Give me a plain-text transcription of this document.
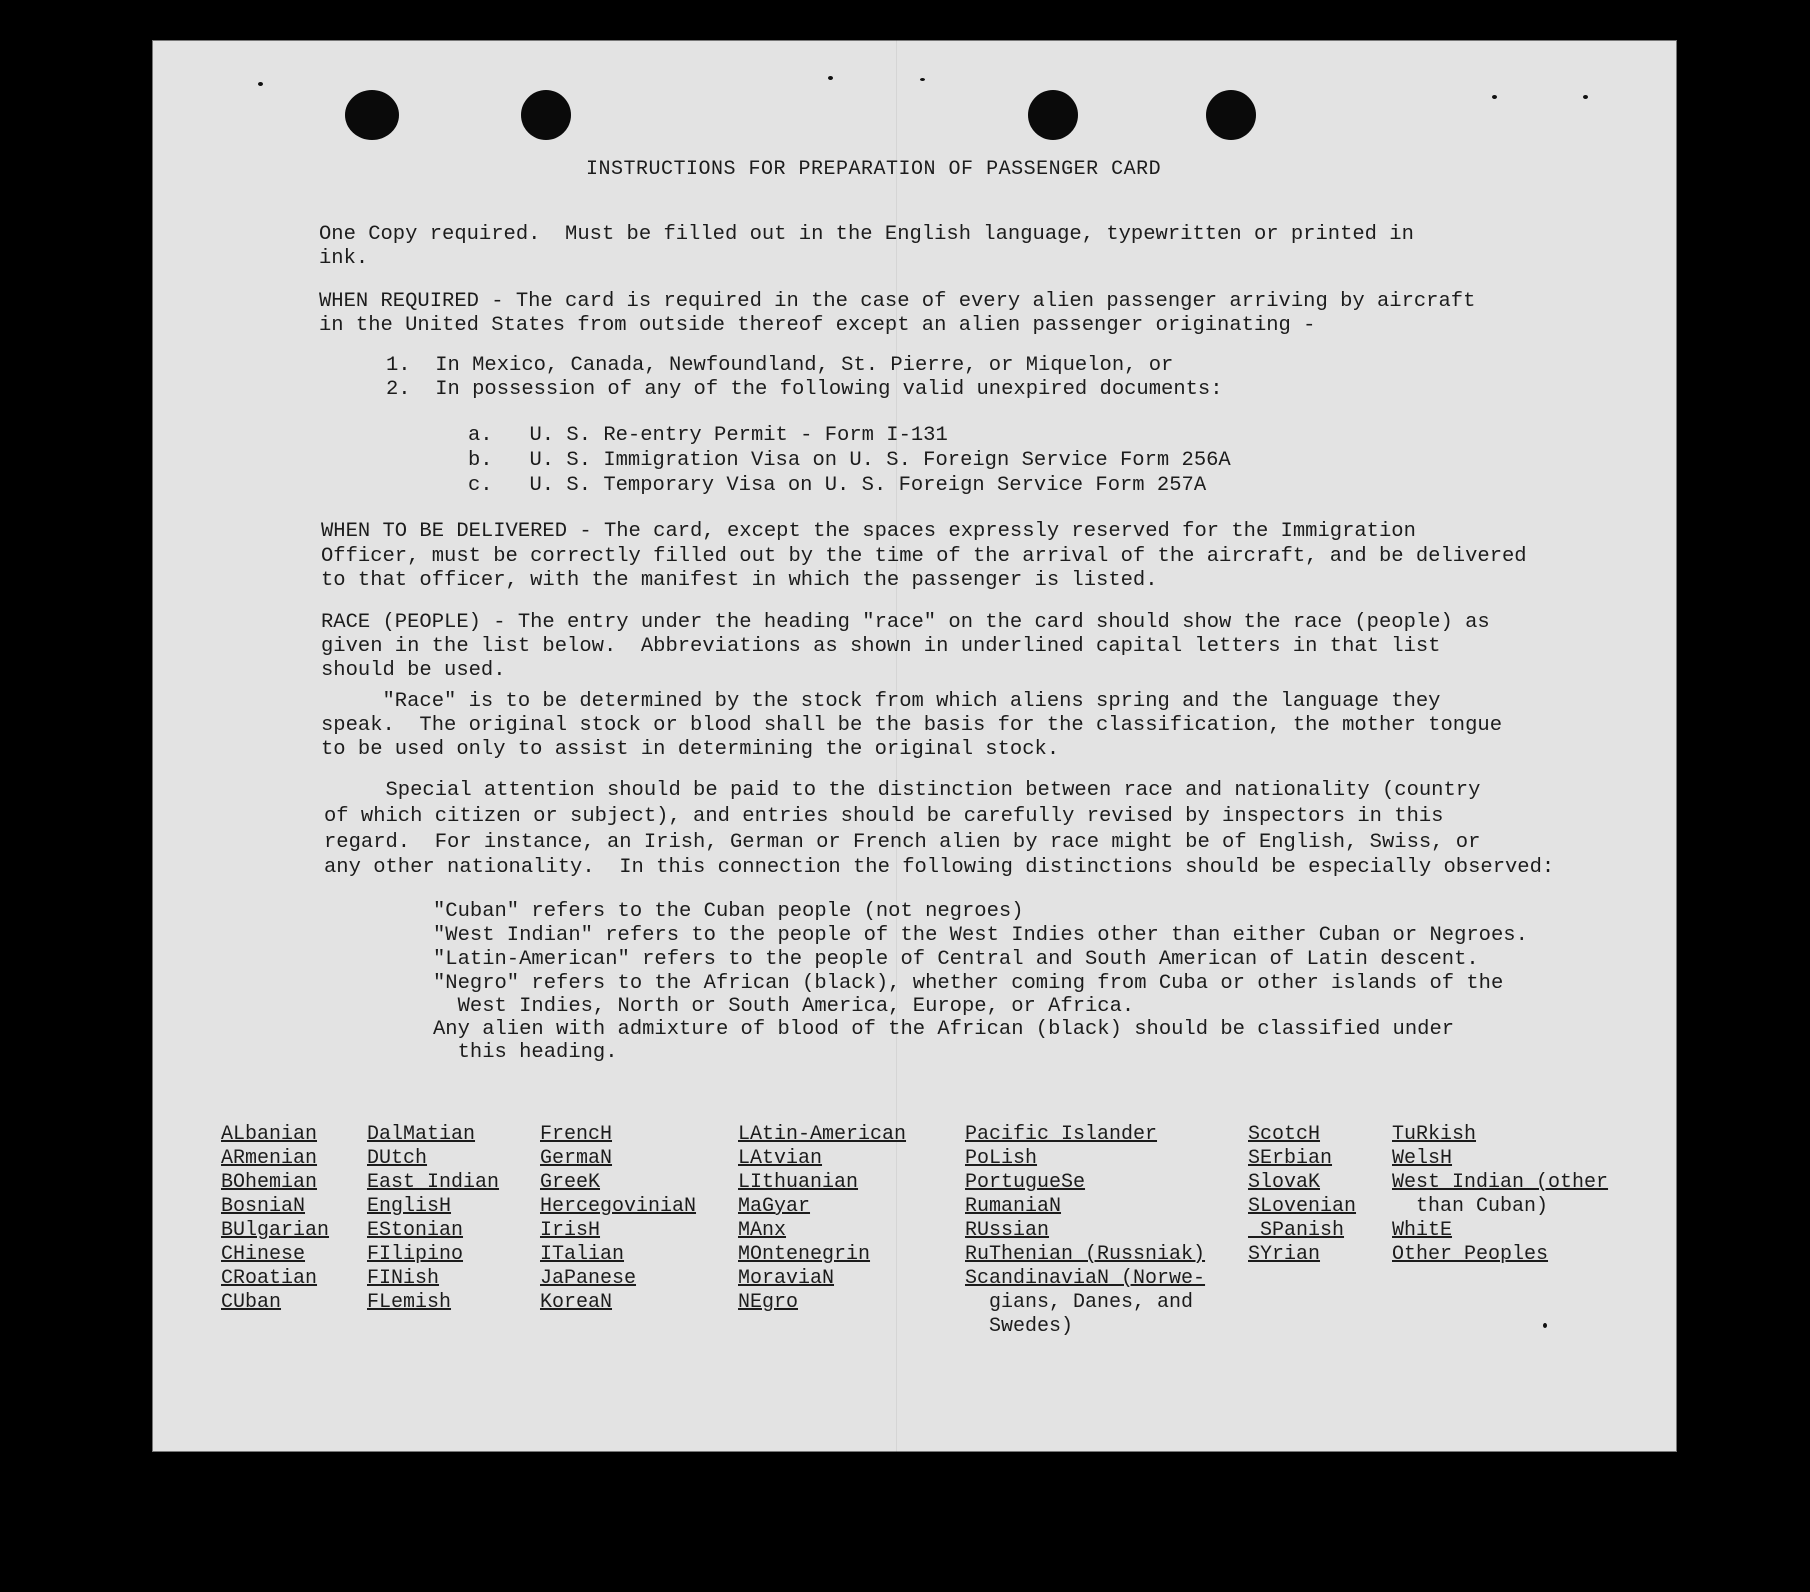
INSTRUCTIONS FOR PREPARATION OF PASSENGER CARD
One Copy required.  Must be filled out in the English language, typewritten or printed in
ink.
WHEN REQUIRED - The card is required in the case of every alien passenger arriving by aircraft
in the United States from outside thereof except an alien passenger originating -
1.  In Mexico, Canada, Newfoundland, St. Pierre, or Miquelon, or
2.  In possession of any of the following valid unexpired documents:
a.   U. S. Re-entry Permit - Form I-131
b.   U. S. Immigration Visa on U. S. Foreign Service Form 256A
c.   U. S. Temporary Visa on U. S. Foreign Service Form 257A
WHEN TO BE DELIVERED - The card, except the spaces expressly reserved for the Immigration
Officer, must be correctly filled out by the time of the arrival of the aircraft, and be delivered
to that officer, with the manifest in which the passenger is listed.
RACE (PEOPLE) - The entry under the heading "race" on the card should show the race (people) as
given in the list below.  Abbreviations as shown in underlined capital letters in that list
should be used.
"Race" is to be determined by the stock from which aliens spring and the language they
speak.  The original stock or blood shall be the basis for the classification, the mother tongue
to be used only to assist in determining the original stock.
Special attention should be paid to the distinction between race and nationality (country
of which citizen or subject), and entries should be carefully revised by inspectors in this
regard.  For instance, an Irish, German or French alien by race might be of English, Swiss, or
any other nationality.  In this connection the following distinctions should be especially observed:
"Cuban" refers to the Cuban people (not negroes)
"West Indian" refers to the people of the West Indies other than either Cuban or Negroes.
"Latin-American" refers to the people of Central and South American of Latin descent.
"Negro" refers to the African (black), whether coming from Cuba or other islands of the
West Indies, North or South America, Europe, or Africa.
Any alien with admixture of blood of the African (black) should be classified under
this heading.
ALbanian
ARmenian
BOhemian
BosniaN
BUlgarian
CHinese
CRoatian
CUban
DalMatian
DUtch
East Indian
EnglisH
EStonian
FIlipino
FINish
FLemish
FrencH
GermaN
GreeK
HercegoviniaN
IrisH
ITalian
JaPanese
KoreaN
LAtin-American
LAtvian
LIthuanian
MaGyar
MAnx
MOntenegrin
MoraviaN
NEgro
Pacific Islander
PoLish
PortugueSe
RumaniaN
RUssian
RuThenian (Russniak)
ScandinaviaN (Norwe-
gians, Danes, and
Swedes)
ScotcH
SErbian
SlovaK
SLovenian
SPanish
SYrian
TuRkish
WelsH
West Indian (other
than Cuban)
WhitE
Other Peoples
